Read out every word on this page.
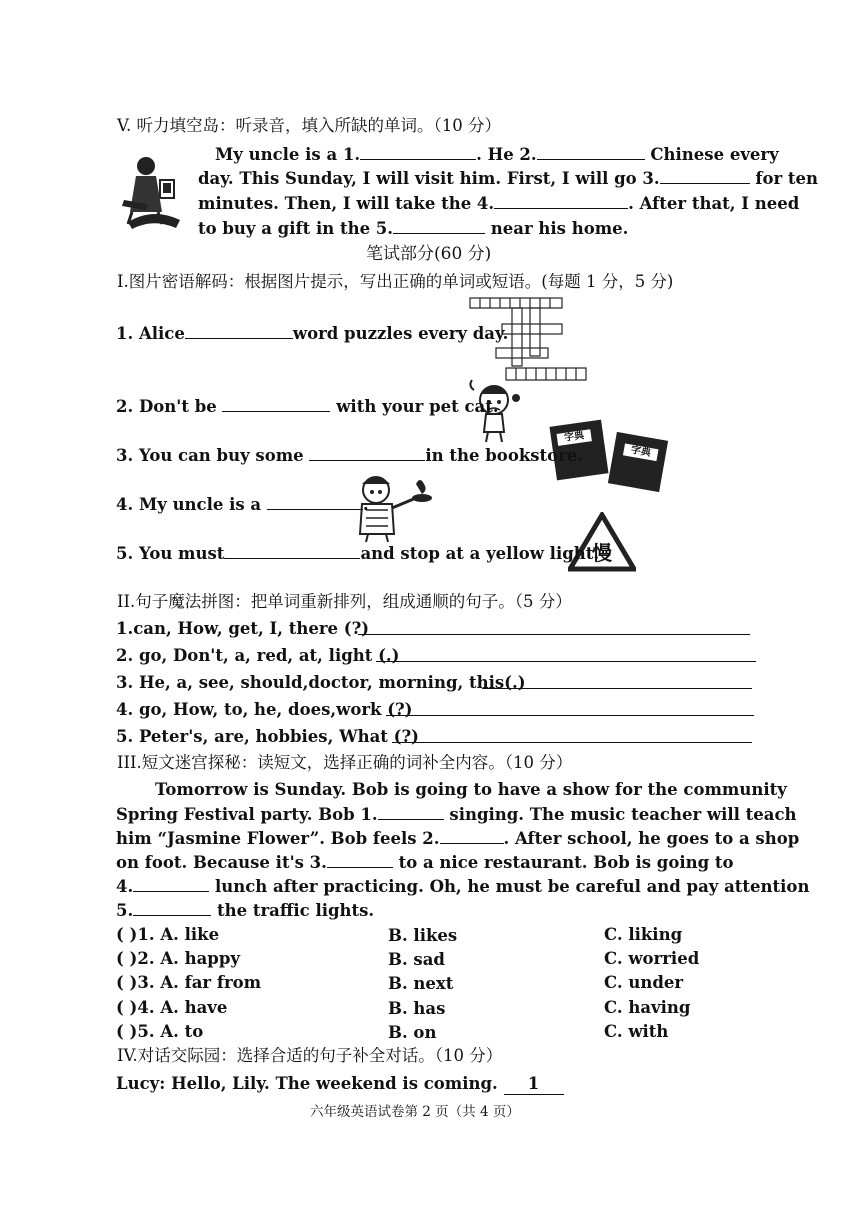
V. 听力填空岛：听录音，填入所缺的单词。（10 分）
My uncle is a 1.	. He 2.	Chinese every
day. This Sunday, I will visit him. First, I will go 3.	for ten
minutes. Then, I will take the 4.	. After that, I need
to buy a gift in the 5.	near his home.
笔试部分(60 分)
I.图片密语解码：根据图片提示，写出正确的单词或短语。(每题 1 分，5 分)
1. Alice	word puzzles every day.
2. Don't be	with your pet cat.
字典
字典
3. You can buy some	in the bookstore.
4. My uncle is a	.
慢
5. You must	and stop at a yellow light.
II.句子魔法拼图：把单词重新排列，组成通顺的句子。（5 分）
1.can, How, get, I, there (?)
2. go, Don't, a, red, at, light (.)
3. He, a, see, should,doctor, morning, this(.)
4. go, How, to, he, does,work (?)
5. Peter's, are, hobbies, What (?)
III.短文迷宫探秘：读短文，选择正确的词补全内容。（10 分）
Tomorrow is Sunday. Bob is going to have a show for the community
Spring Festival party. Bob 1.	singing. The music teacher will teach
him “Jasmine Flower”. Bob feels 2.	. After school, he goes to a shop
on foot. Because it's 3.	to a nice restaurant. Bob is going to
4.	lunch after practicing. Oh, he must be careful and pay attention
5.	the traffic lights.
( )1. A. like	B. likes	C. liking
( )2. A. happy	B. sad	C. worried
( )3. A. far from	B. next	C. under
( )4. A. have	B. has	C. having
( )5. A. to	B. on	C. with
IV.对话交际园：选择合适的句子补全对话。（10 分）
Lucy: Hello, Lily. The weekend is coming. 1
六年级英语试卷第 2 页（共 4 页）
